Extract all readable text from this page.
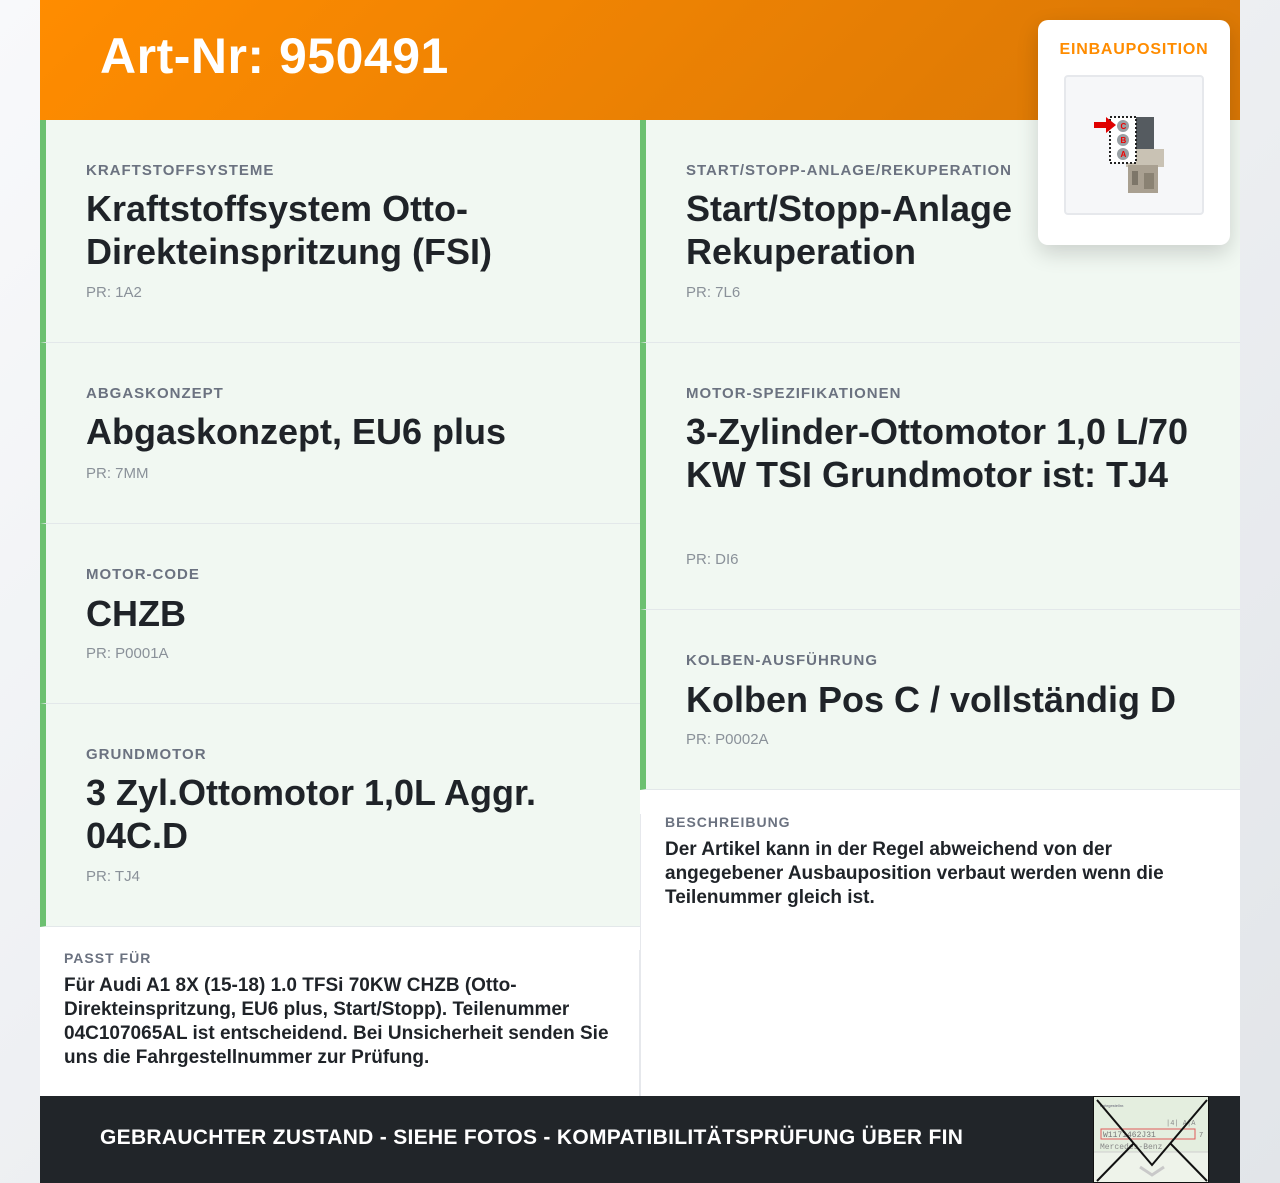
Art-Nr: 950491
KRAFTSTOFFSYSTEME
Kraftstoffsystem Otto-Direkteinspritzung (FSI)
PR: 1A2
ABGASKONZEPT
Abgaskonzept, EU6 plus
PR: 7MM
MOTOR-CODE
CHZB
PR: P0001A
GRUNDMOTOR
3 Zyl.Ottomotor 1,0L Aggr. 04C.D
PR: TJ4
START/STOPP-ANLAGE/REKUPERATION
Start/Stopp-Anlage Rekuperation
PR: 7L6
MOTOR-SPEZIFIKATIONEN
3-Zylinder-Ottomotor 1,0 L/70 KW TSI Grundmotor ist: TJ4
PR: DI6
KOLBEN-AUSFÜHRUNG
Kolben Pos C / vollständig D
PR: P0002A
PASST FÜR
Für Audi A1 8X (15-18) 1.0 TFSi 70KW CHZB (Otto-Direkteinspritzung, EU6 plus, Start/Stopp). Teilenummer 04C107065AL ist entscheidend. Bei Unsicherheit senden Sie uns die Fahrgestellnummer zur Prüfung.
BESCHREIBUNG
Der Artikel kann in der Regel abweichend von der angegebener Ausbauposition verbaut werden wenn die Teilenummer gleich ist.
GEBRAUCHTER ZUSTAND - SIEHE FOTOS - KOMPATIBILITÄTSPRÜFUNG ÜBER FIN
Fahrgestellnr.
|4| A|A
W1171462J31	7
Mercedes-Benz
EINBAUPOSITION
C
B
A
